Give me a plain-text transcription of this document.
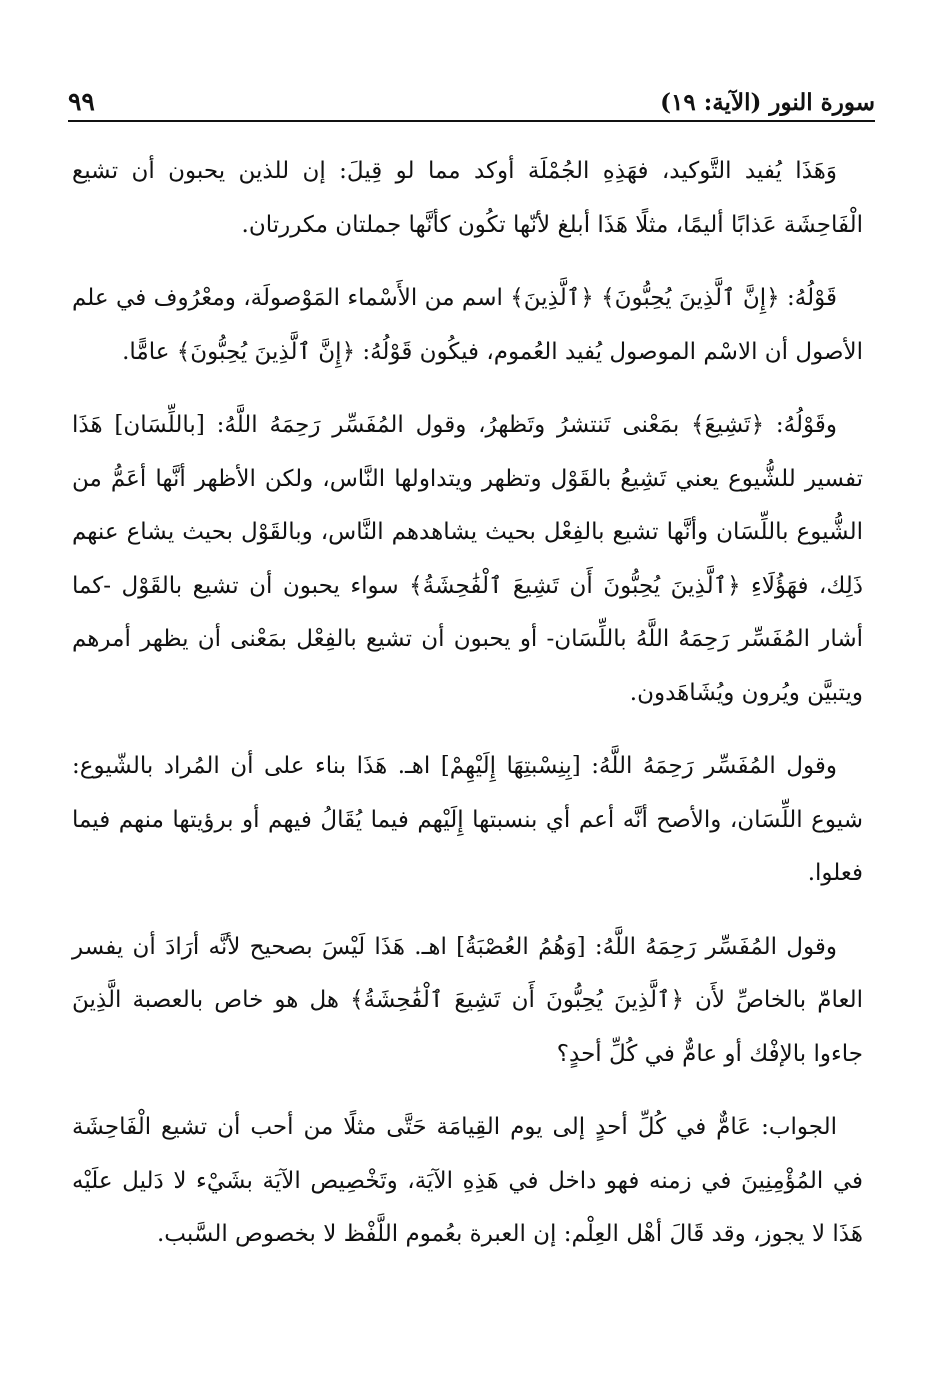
سورة النور (الآية: ١٩)
٩٩

وَهَذَا يُفيد التَّوكيد، فهَذِهِ الجُمْلَة أوكد مما لو قِيلَ: إن للذين يحبون أن تشيع الْفَاحِشَة عَذابًا أليمًا، مثلًا هَذَا أبلغ لأنّها تكُون كأنَّها جملتان مكررتان.

قَوْلُهُ: ﴿إِنَّ ٱلَّذِينَ يُحِبُّونَ﴾ ﴿ٱلَّذِينَ﴾ اسم من الأَسْماء المَوْصولَة، ومعْرُوف في علم الأصول أن الاسْم الموصول يُفيد العُموم، فيكُون قَوْلُهُ: ﴿إِنَّ ٱلَّذِينَ يُحِبُّونَ﴾ عامًّا.

وقَوْلُهُ: ﴿تَشِيعَ﴾ بمَعْنى تَنتشرُ وتَظهرُ، وقول المُفَسِّر رَحِمَهُ اللَّهُ: [باللِّسَان] هَذَا تفسير للشُّيوع يعني تَشِيعُ بالقَوْل وتظهر ويتداولها النَّاس، ولكن الأظهر أنَّها أعَمُّ من الشُّيوع باللِّسَان وأنَّها تشيع بالفِعْل بحيث يشاهدهم النَّاس، وبالقَوْل بحيث يشاع عنهم ذَلِك، فهَؤُلَاءِ ﴿ٱلَّذِينَ يُحِبُّونَ أَن تَشِيعَ ٱلْفَٰحِشَةُ﴾ سواء يحبون أن تشيع بالقَوْل -كما أشار المُفَسِّر رَحِمَهُ اللَّهُ باللِّسَان- أو يحبون أن تشيع بالفِعْل بمَعْنى أن يظهر أمرهم ويتبيَّن ويُرون ويُشَاهَدون.

وقول المُفَسِّر رَحِمَهُ اللَّهُ: [بِنِسْبتِهَا إِلَيْهِمْ] اهـ. هَذَا بناء على أن المُراد بالشّيوع: شيوع اللِّسَان، والأصح أنَّه أعم أي بنسبتها إِلَيْهم فيما يُقَالُ فيهم أو برؤيتها منهم فيما فعلوا.

وقول المُفَسِّر رَحِمَهُ اللَّهُ: [وَهُمُ العُصْبَةُ] اهـ. هَذَا لَيْسَ بصحيح لأنَّه أرَادَ أن يفسر العامّ بالخاصِّ لأَن ﴿ٱلَّذِينَ يُحِبُّونَ أَن تَشِيعَ ٱلْفَٰحِشَةُ﴾ هل هو خاص بالعصبة الَّذِينَ جاءوا بالإفْك أو عامٌّ في كُلِّ أحدٍ؟

الجواب: عَامٌّ في كُلِّ أحدٍ إلى يوم القِيامَة حَتَّى مثلًا من أحب أن تشيع الْفَاحِشَة في المُؤْمِنِينَ في زمنه فهو داخل في هَذِهِ الآيَة، وتَخْصِيص الآيَة بشَيْء لا دَليل علَيْه هَذَا لا يجوز، وقد قَالَ أهْل العِلْم: إن العبرة بعُموم اللَّفْظ لا بخصوص السَّبب.
